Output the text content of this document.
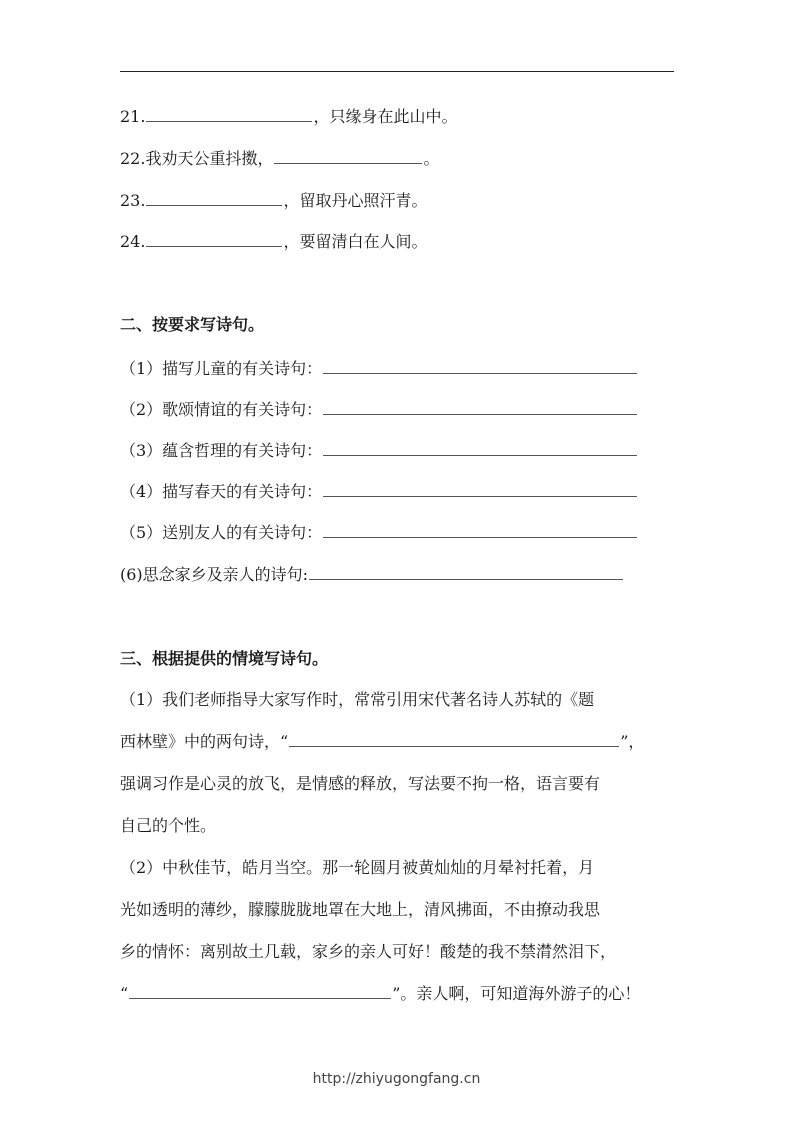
21.	，只缘身在此山中。
22.我劝天公重抖擞，	。
23.	，留取丹心照汗青。
24.	，要留清白在人间。
二、按要求写诗句。
（1）描写儿童的有关诗句：
（2）歌颂情谊的有关诗句：
（3）蕴含哲理的有关诗句：
（4）描写春天的有关诗句：
（5）送别友人的有关诗句：
(6)思念家乡及亲人的诗句:
三、根据提供的情境写诗句。
（1）我们老师指导大家写作时，常常引用宋代著名诗人苏轼的《题
西林壁》中的两句诗，“	”，
强调习作是心灵的放飞，是情感的释放，写法要不拘一格，语言要有
自己的个性。
（2）中秋佳节，皓月当空。那一轮圆月被黄灿灿的月晕衬托着，月
光如透明的薄纱，朦朦胧胧地罩在大地上，清风拂面，不由撩动我思
乡的情怀：离别故土几载，家乡的亲人可好！酸楚的我不禁潸然泪下，
“	”。亲人啊，可知道海外游子的心！
http://zhiyugongfang.cn
